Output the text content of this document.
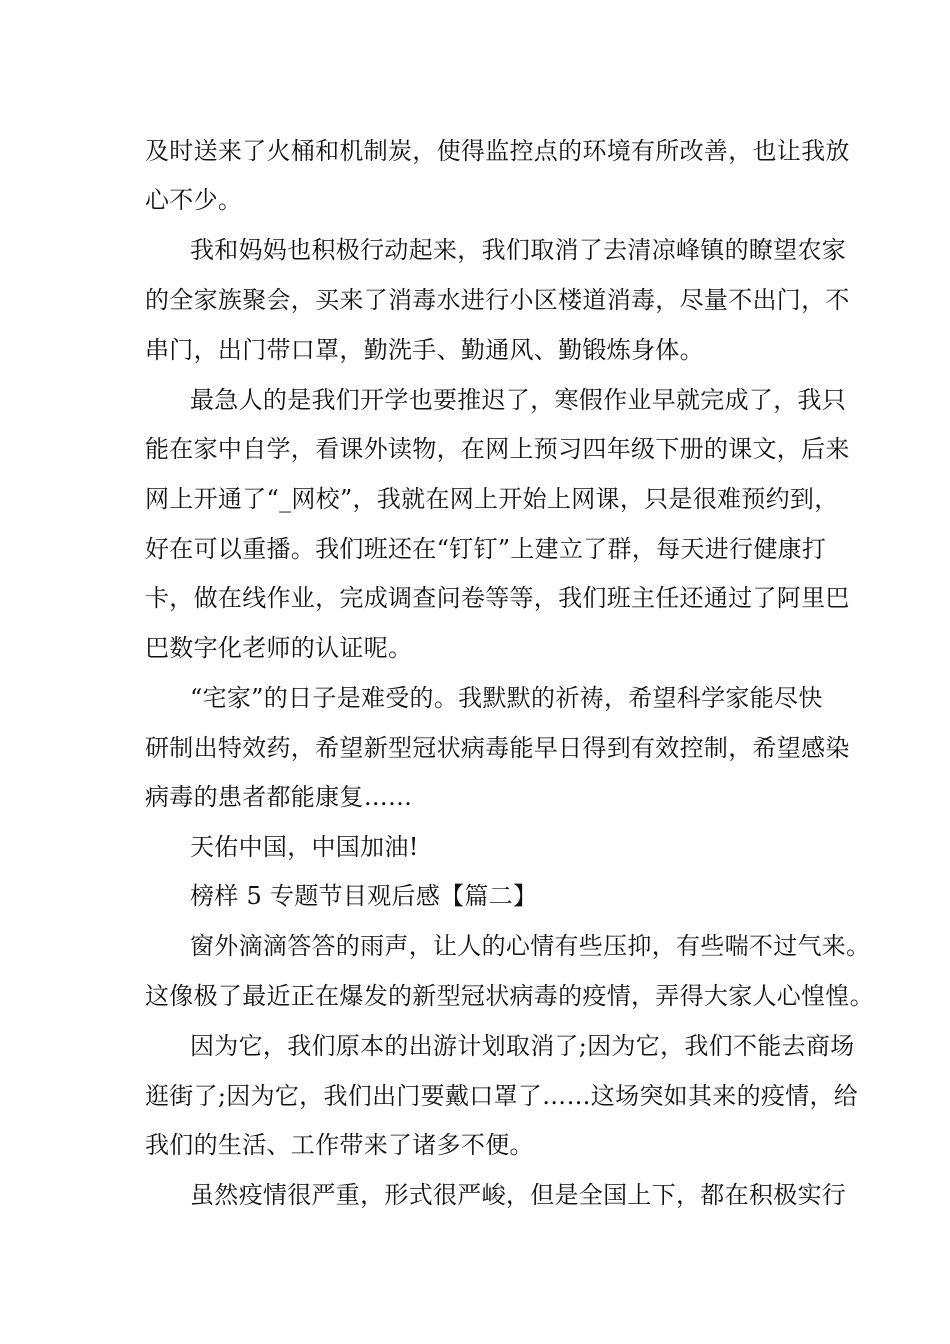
及时送来了火桶和机制炭，使得监控点的环境有所改善，也让我放
心不少。
我和妈妈也积极行动起来，我们取消了去清凉峰镇的瞭望农家
的全家族聚会，买来了消毒水进行小区楼道消毒，尽量不出门，不
串门，出门带口罩，勤洗手、勤通风、勤锻炼身体。
最急人的是我们开学也要推迟了，寒假作业早就完成了，我只
能在家中自学，看课外读物，在网上预习四年级下册的课文，后来
网上开通了“_网校”，我就在网上开始上网课，只是很难预约到，
好在可以重播。我们班还在“钉钉”上建立了群，每天进行健康打
卡，做在线作业，完成调查问卷等等，我们班主任还通过了阿里巴
巴数字化老师的认证呢。
“宅家”的日子是难受的。我默默的祈祷，希望科学家能尽快
研制出特效药，希望新型冠状病毒能早日得到有效控制，希望感染
病毒的患者都能康复……
天佑中国，中国加油!
榜样 5 专题节目观后感【篇二】
窗外滴滴答答的雨声，让人的心情有些压抑，有些喘不过气来。
这像极了最近正在爆发的新型冠状病毒的疫情，弄得大家人心惶惶。
因为它，我们原本的出游计划取消了;因为它，我们不能去商场
逛街了;因为它，我们出门要戴口罩了……这场突如其来的疫情，给
我们的生活、工作带来了诸多不便。
虽然疫情很严重，形式很严峻，但是全国上下，都在积极实行
